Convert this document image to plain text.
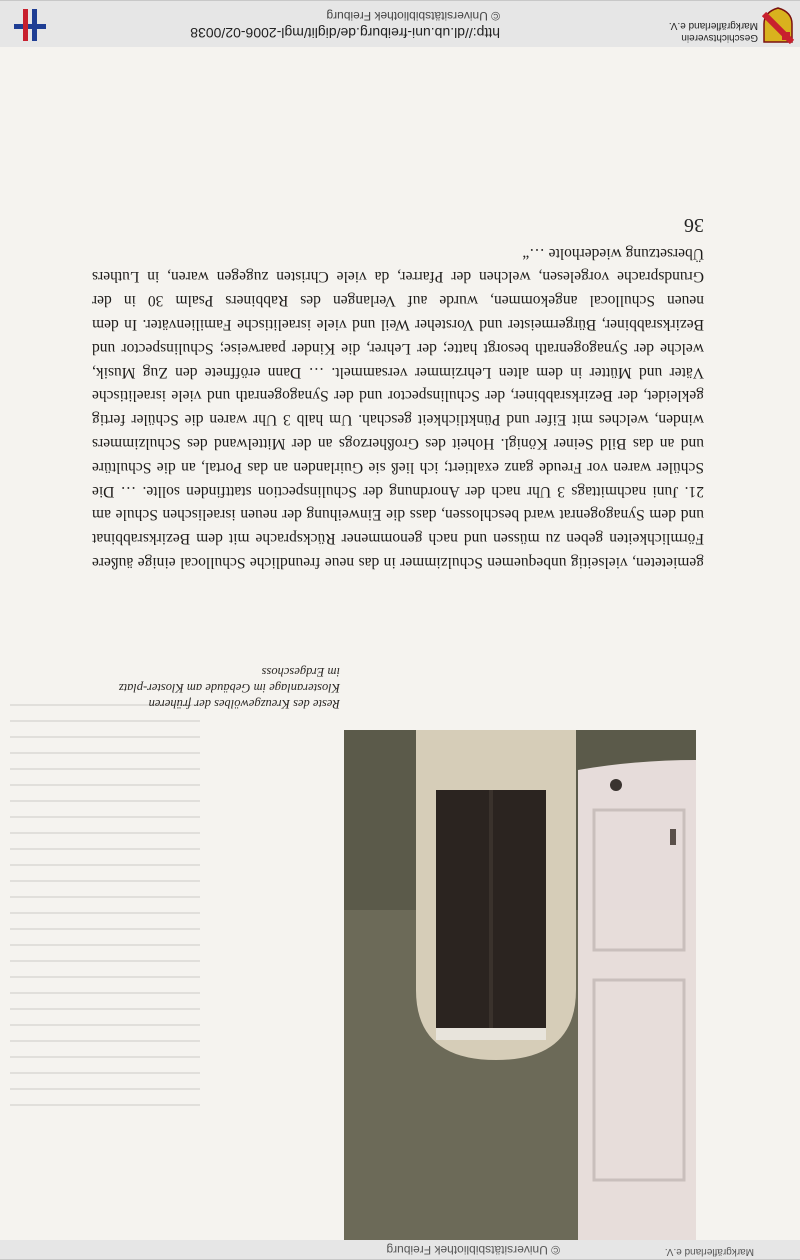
Geschichtsverein
Markgräflerland e.V.
http://dl.ub.uni-freiburg.de/diglit/mgl-2006-02/0038
© Universitätsbibliothek Freiburg
Reste des Kreuzgewölbes der früheren Klosteranlage im Gebäude am Kloster-platz im Erdgeschoss

gemieteten, vielseitig unbequemen Schulzimmer in das neue freundliche Schullocal einige äußere Förmlichkeiten geben zu müssen und nach genommener Rücksprache mit dem Bezirksrabbinat und dem Synagogenrat ward beschlossen, dass die Einweihung der neuen israelischen Schule am 21. Juni nachmittags 3 Uhr nach der Anordnung der Schulinspection stattfinden sollte. … Die Schüler waren vor Freude ganz exaltiert; ich ließ sie Guirlanden an das Portal, an die Schultüre und an das Bild Seiner Königl. Hoheit des Großherzogs an der Mittelwand des Schulzimmers winden, welches mit Eifer und Pünktlichkeit geschah. Um halb 3 Uhr waren die Schüler fertig gekleidet, der Bezirksrabbiner, der Schulinspector und der Synagogenrath und viele israelitische Väter und Mütter in dem alten Lehrzimmer versammelt. … Dann eröffnete den Zug Musik, welche der Synagogenrath besorgt hatte; der Lehrer, die Kinder paarweise; Schulinspector und Bezirksrabbiner, Bürgermeister und Vorsteher Weil und viele israelitische Familienväter. In dem neuen Schullocal angekommen, wurde auf Verlangen des Rabbiners Psalm 30 in der Grundsprache vorgelesen, welchen der Pfarrer, da viele Christen zugegen waren, in Luthers Übersetzung wiederholte …“

36
Markgräflerland e.V.
© Universitätsbibliothek Freiburg
